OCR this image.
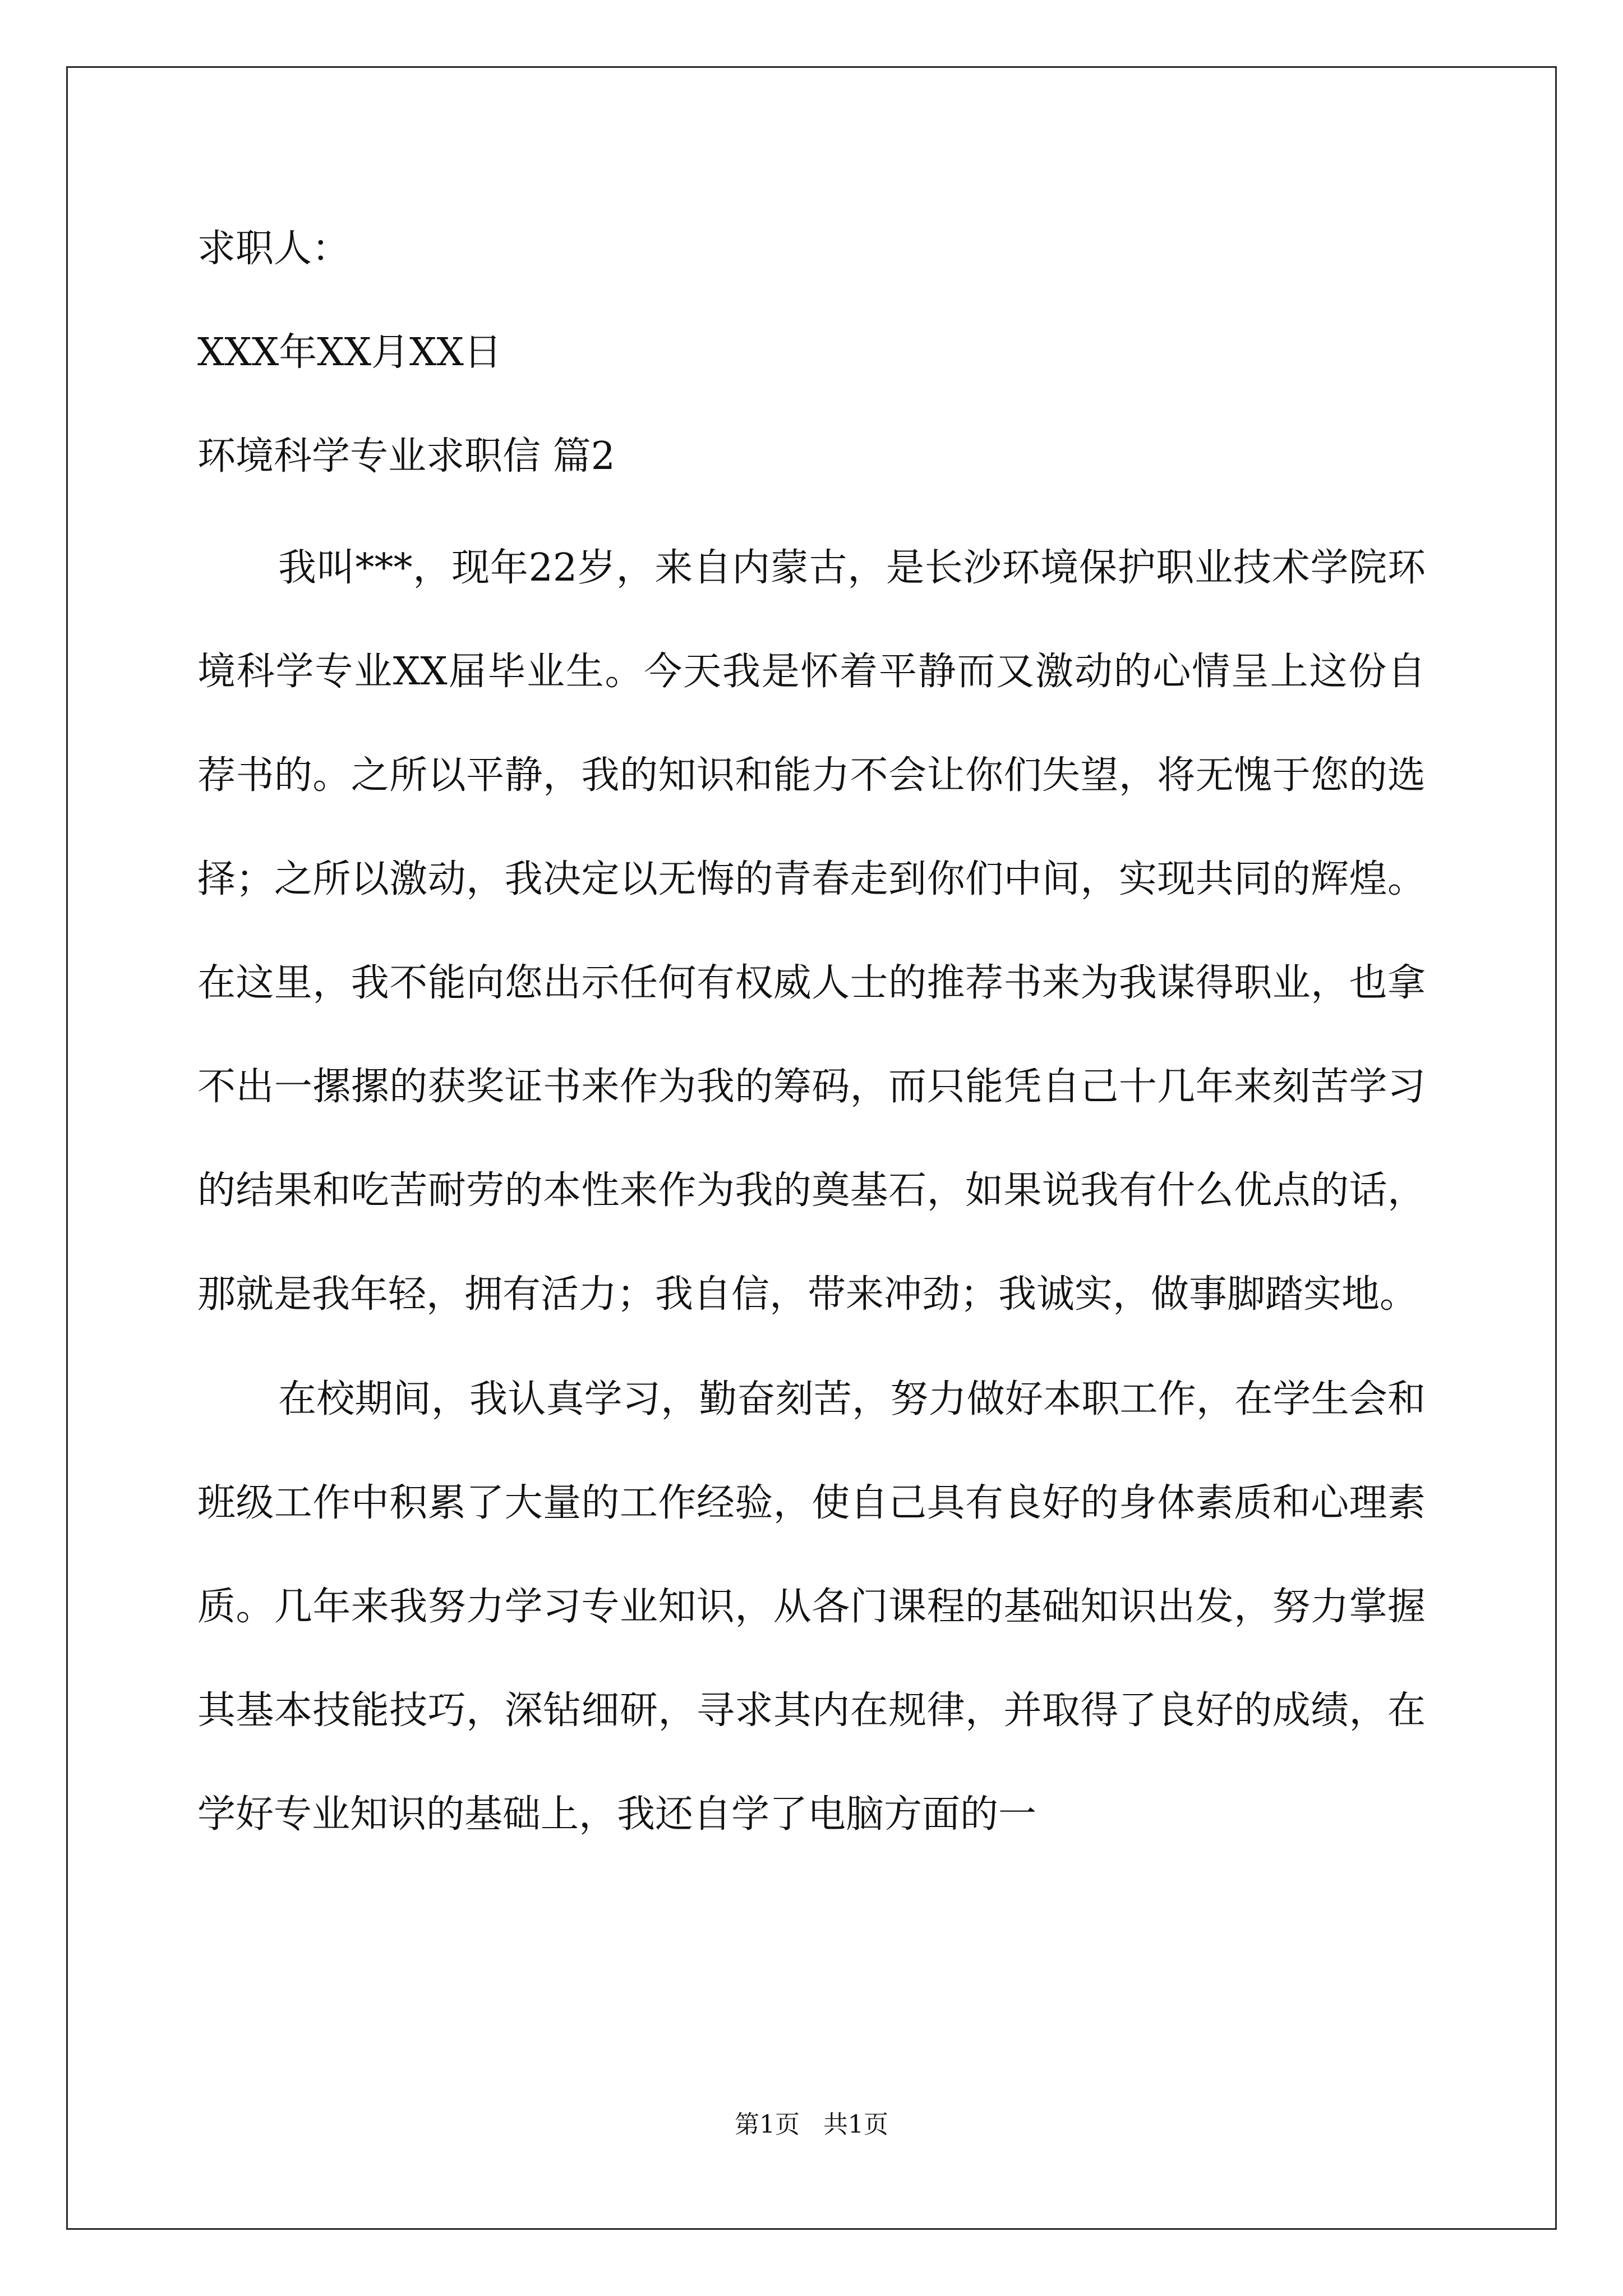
求职人：
XXX年XX月XX日
环境科学专业求职信 篇2

我叫***，现年22岁，来自内蒙古，是长沙环境保护职业技术学院环境科学专业XX届毕业生。今天我是怀着平静而又激动的心情呈上这份自荐书的。之所以平静，我的知识和能力不会让你们失望，将无愧于您的选择；之所以激动，我决定以无悔的青春走到你们中间，实现共同的辉煌。在这里，我不能向您出示任何有权威人士的推荐书来为我谋得职业，也拿不出一摞摞的获奖证书来作为我的筹码，而只能凭自己十几年来刻苦学习的结果和吃苦耐劳的本性来作为我的奠基石，如果说我有什么优点的话，那就是我年轻，拥有活力；我自信，带来冲劲；我诚实，做事脚踏实地。

在校期间，我认真学习，勤奋刻苦，努力做好本职工作，在学生会和班级工作中积累了大量的工作经验，使自己具有良好的身体素质和心理素质。几年来我努力学习专业知识，从各门课程的基础知识出发，努力掌握其基本技能技巧，深钻细研，寻求其内在规律，并取得了良好的成绩，在学好专业知识的基础上，我还自学了电脑方面的一

第1页   共1页
